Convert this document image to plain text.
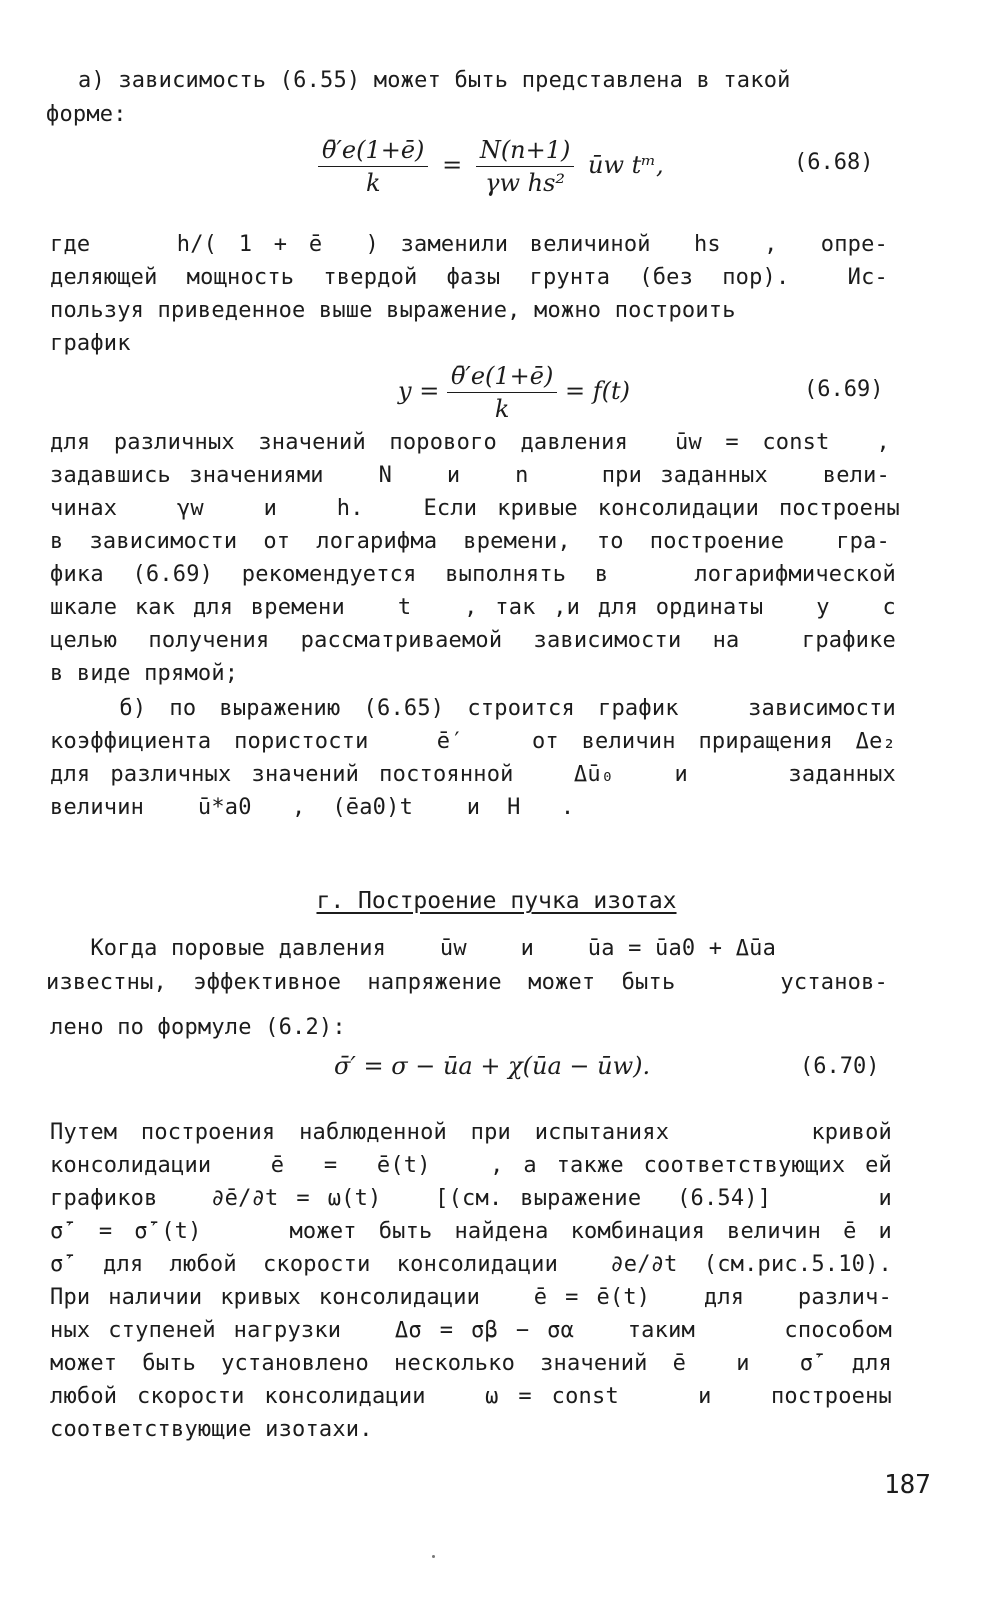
а) зависимость (6.55) может быть представлена в такой
форме:
$\frac{\thetā'e(1+ē)}{k} = \frac{N(n+1)}{\text{γw hs²}}$ ūw tᵐ,	(6.68)
где    h/( 1 + ē  ) заменили величиной  hs  ,  опре-
деляющей мощность твердой фазы грунта (без пор).  Ис-
пользуя приведенное выше выражение, можно построить
график
$y = \frac{\thetā'e(1+ē)}{k} = f(t)$	(6.69)
для различных значений порового давления  ūw = const  ,
задавшись значениями   N   и   n    при заданных   вели-
чинах   γw   и   h.   Если кривые консолидации построены
в зависимости от логарифма времени, то построение  гра-
фика (6.69) рекомендуется выполнять в   логарифмической
шкале как для времени   t   , так ,и для ординаты   y   с
целью получения рассматриваемой зависимости на  графике
в виде прямой;
б) по выражению (6.65) строится график   зависимости
коэффициента пористости   ē′   от величин приращения Δe₂
для различных значений постоянной   Δū₀   и     заданных
величин    ū*a0   ,  (ēa0)t    и  H   .
г. Построение пучка изотах
Когда поровые давления    ūw    и    ūa = ūa0 + Δūa
известны, эффективное напряжение может быть    установ-
лено по формуле (6.2):
σ̄′ = σ − ūa + χ(ūa − ūw).	(6.70)
Путем построения наблюденной при испытаниях      кривой
консолидации   ē  =  ē(t)   , а также соответствующих ей
графиков   ∂ē/∂t = ω(t)   [(см. выражение  (6.54)]      и
σ̄′ = σ̄′(t)    может быть найдена комбинация величин ē и
σ̄′ для любой скорости консолидации  ∂e/∂t (см.рис.5.10).
При наличии кривых консолидации   ē = ē(t)   для   различ-
ных ступеней нагрузки   Δσ = σβ − σα   таким     способом
может быть установлено несколько значений ē  и  σ̄′ для
любой скорости консолидации   ω = const    и   построены
соответствующие изотахи.
187
